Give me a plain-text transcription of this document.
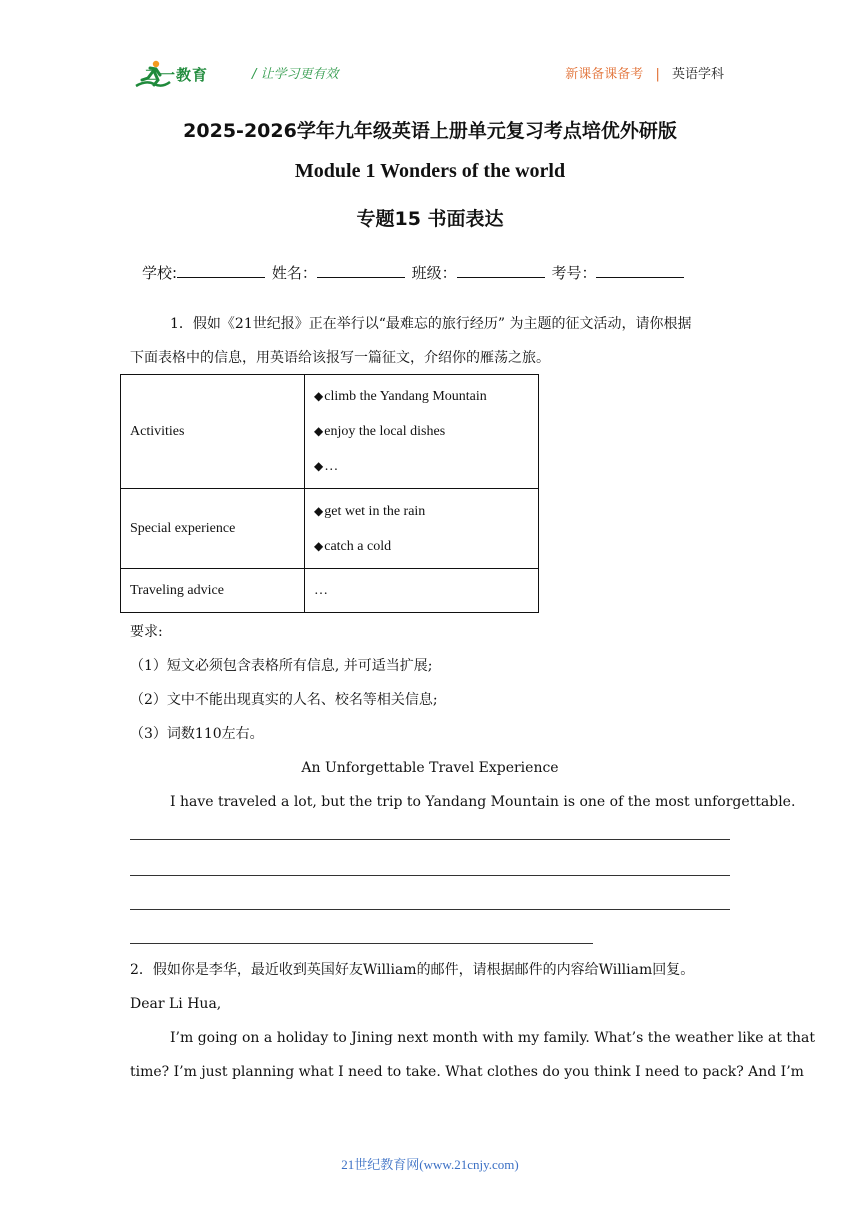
二一教育	/ 让学习更有效	新课备课备考 | 英语学科
2025-2026学年九年级英语上册单元复习考点培优外研版
Module 1 Wonders of the world
专题15 书面表达
学校:	姓名：	班级：	考号：
1．假如《21世纪报》正在举行以“最难忘的旅行经历” 为主题的征文活动，请你根据
下面表格中的信息，用英语给该报写一篇征文，介绍你的雁荡之旅。
Activities	◆climb the Yandang Mountain
◆enjoy the local dishes
◆…

Special experience	◆get wet in the rain
◆catch a cold

Traveling advice	…
要求:
（1）短文必须包含表格所有信息, 并可适当扩展;
（2）文中不能出现真实的人名、校名等相关信息;
（3）词数110左右。
An Unforgettable Travel Experience
I have traveled a lot, but the trip to Yandang Mountain is one of the most unforgettable.
2．假如你是李华，最近收到英国好友William的邮件，请根据邮件的内容给William回复。
Dear Li Hua,
I’m going on a holiday to Jining next month with my family. What’s the weather like at that
time? I’m just planning what I need to take. What clothes do you think I need to pack? And I’m
21世纪教育网(www.21cnjy.com)
